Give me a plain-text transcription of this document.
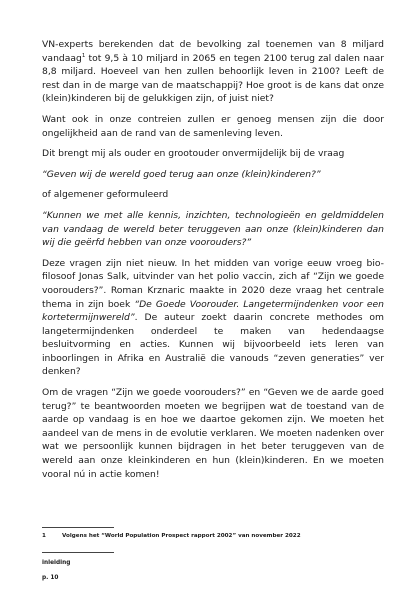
VN-experts berekenden dat de bevolking zal toenemen van 8 miljard vandaag$^1$ tot 9,5 à 10 miljard in 2065 en tegen 2100 terug zal dalen naar 8,8 miljard. Hoeveel van hen zullen behoorlijk leven in 2100? Leeft de rest dan in de marge van de maatschappij? Hoe groot is de kans dat onze (klein)kinderen bij de gelukkigen zijn, of juist niet?

Want ook in onze contreien zullen er genoeg mensen zijn die door ongelijkheid aan de rand van de samenleving leven.

Dit brengt mij als ouder en grootouder onvermijdelijk bij de vraag

“Geven wij de wereld goed terug aan onze (klein)kinderen?”

of algemener geformuleerd

“Kunnen we met alle kennis, inzichten, technologieën en geldmiddelen van vandaag de wereld beter teruggeven aan onze (klein)kinderen dan wij die geërfd hebben van onze voorouders?”

Deze vragen zijn niet nieuw. In het midden van vorige eeuw vroeg bio-filosoof Jonas Salk, uitvinder van het polio vaccin, zich af “Zijn we goede voorouders?”. Roman Krznaric maakte in 2020 deze vraag het centrale thema in zijn boek “De Goede Voorouder. Langetermijndenken voor een kortetermijnwereld”. De auteur zoekt daarin concrete methodes om langetermijndenken onderdeel te maken van hedendaagse besluitvorming en acties. Kunnen wij bijvoorbeeld iets leren van inboorlingen in Afrika en Australië die vanouds “zeven generaties” ver denken?

Om de vragen “Zijn we goede voorouders?” en “Geven we de aarde goed terug?” te beantwoorden moeten we begrijpen wat de toestand van de aarde op vandaag is en hoe we daartoe gekomen zijn. We moeten het aandeel van de mens in de evolutie verklaren. We moeten nadenken over wat we persoonlijk kunnen bijdragen in het beter teruggeven van de wereld aan onze kleinkinderen en hun (klein)kinderen. En we moeten vooral nú in actie komen!

1	Volgens het “World Population Prospect rapport 2002” van november 2022
inleiding
p. 10
